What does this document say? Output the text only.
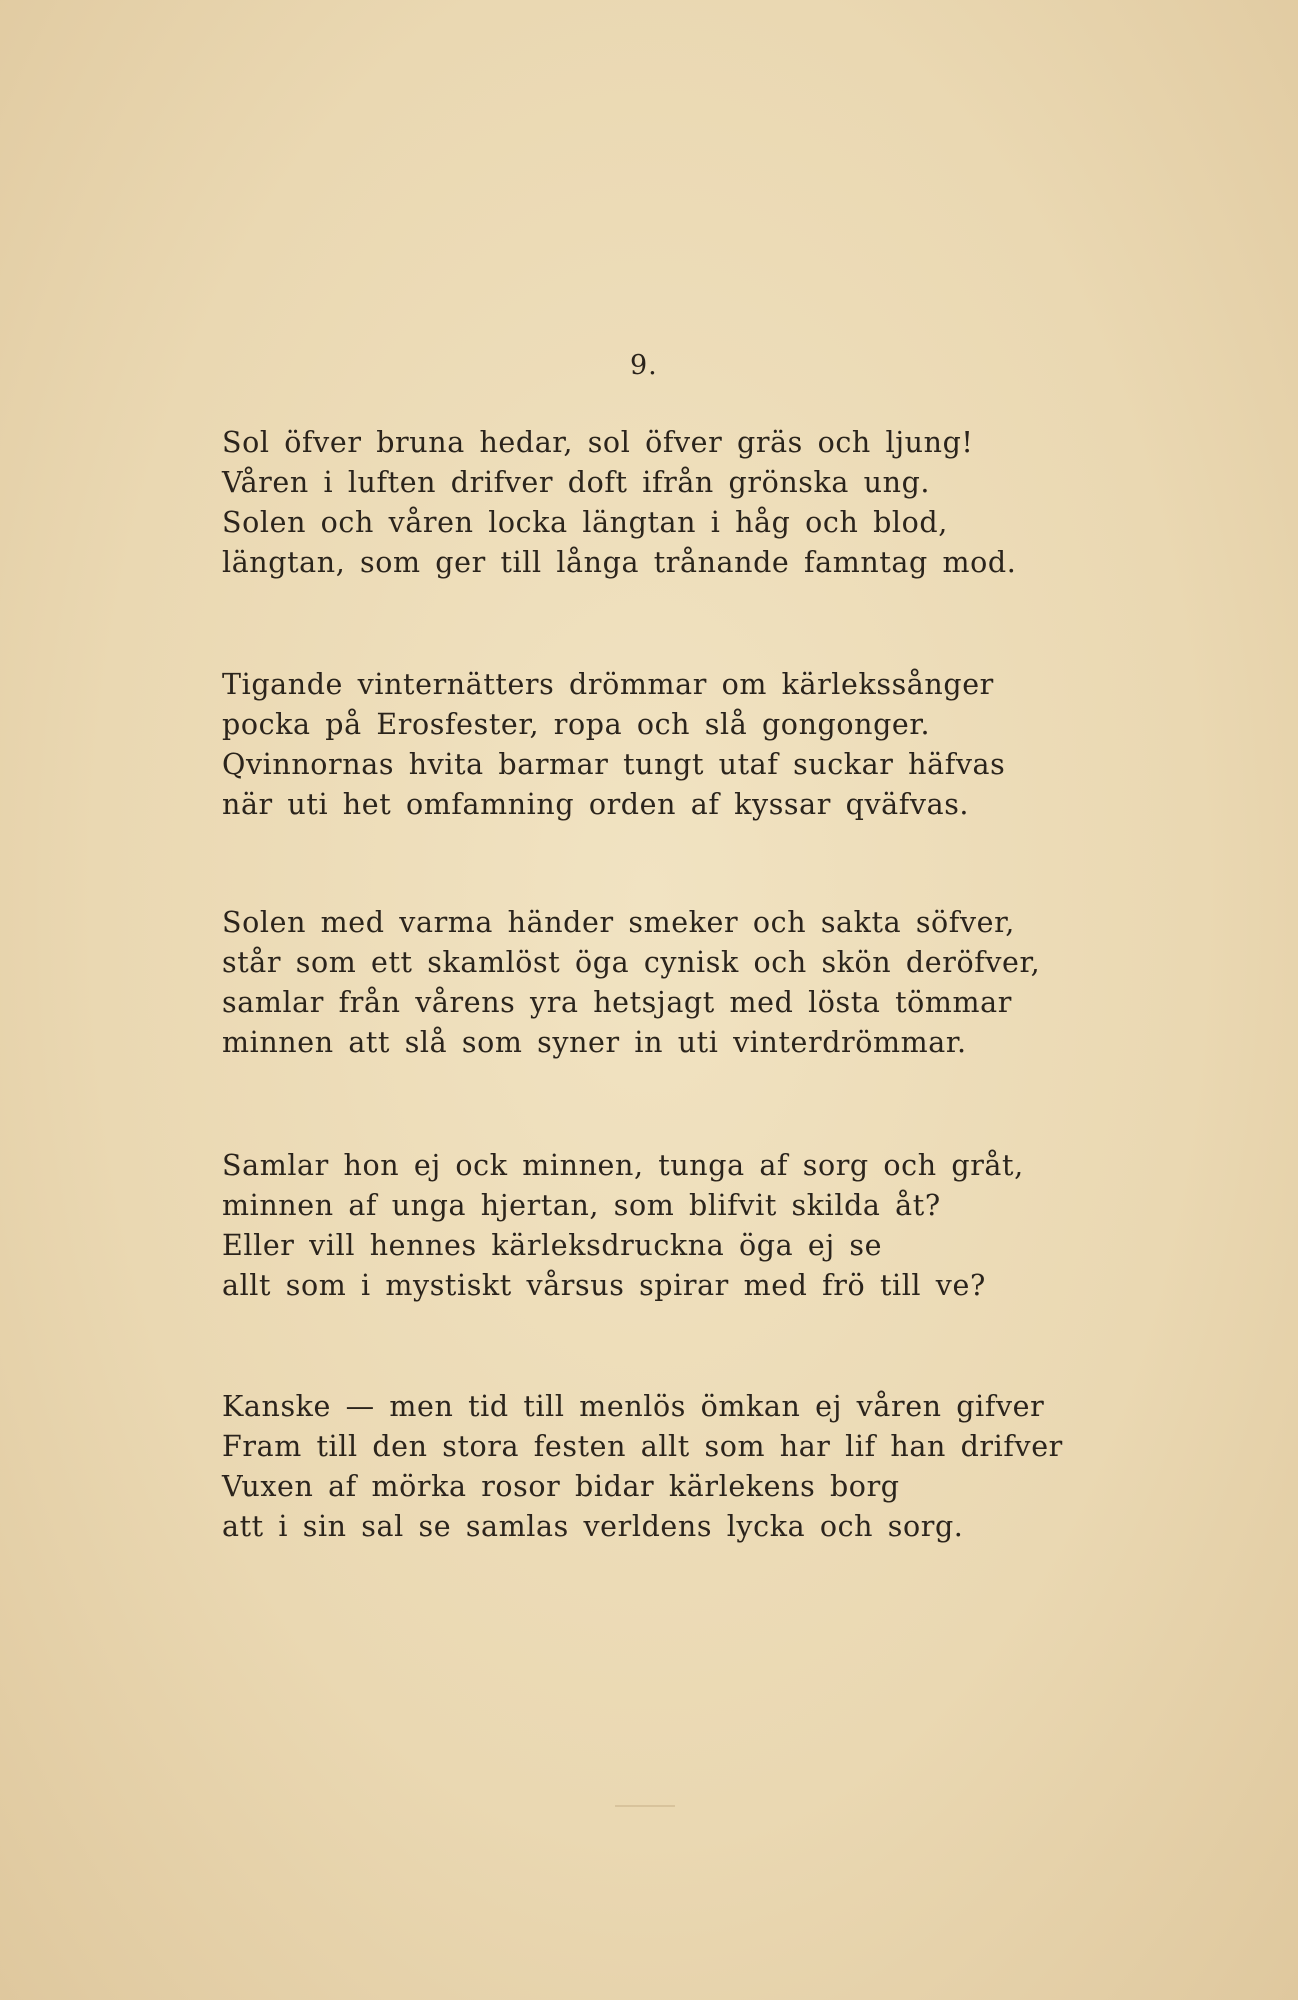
9.
Sol öfver bruna hedar, sol öfver gräs och ljung!
Våren i luften drifver doft ifrån grönska ung.
Solen och våren locka längtan i håg och blod,
längtan, som ger till långa trånande famntag mod.
Tigande vinternätters drömmar om kärlekssånger
pocka på Erosfester, ropa och slå gongonger.
Qvinnornas hvita barmar tungt utaf suckar häfvas
när uti het omfamning orden af kyssar qväfvas.
Solen med varma händer smeker och sakta söfver,
står som ett skamlöst öga cynisk och skön deröfver,
samlar från vårens yra hetsjagt med lösta tömmar
minnen att slå som syner in uti vinterdrömmar.
Samlar hon ej ock minnen, tunga af sorg och gråt,
minnen af unga hjertan, som blifvit skilda åt?
Eller vill hennes kärleksdruckna öga ej se
allt som i mystiskt vårsus spirar med frö till ve?
Kanske — men tid till menlös ömkan ej våren gifver
Fram till den stora festen allt som har lif han drifver
Vuxen af mörka rosor bidar kärlekens borg
att i sin sal se samlas verldens lycka och sorg.
